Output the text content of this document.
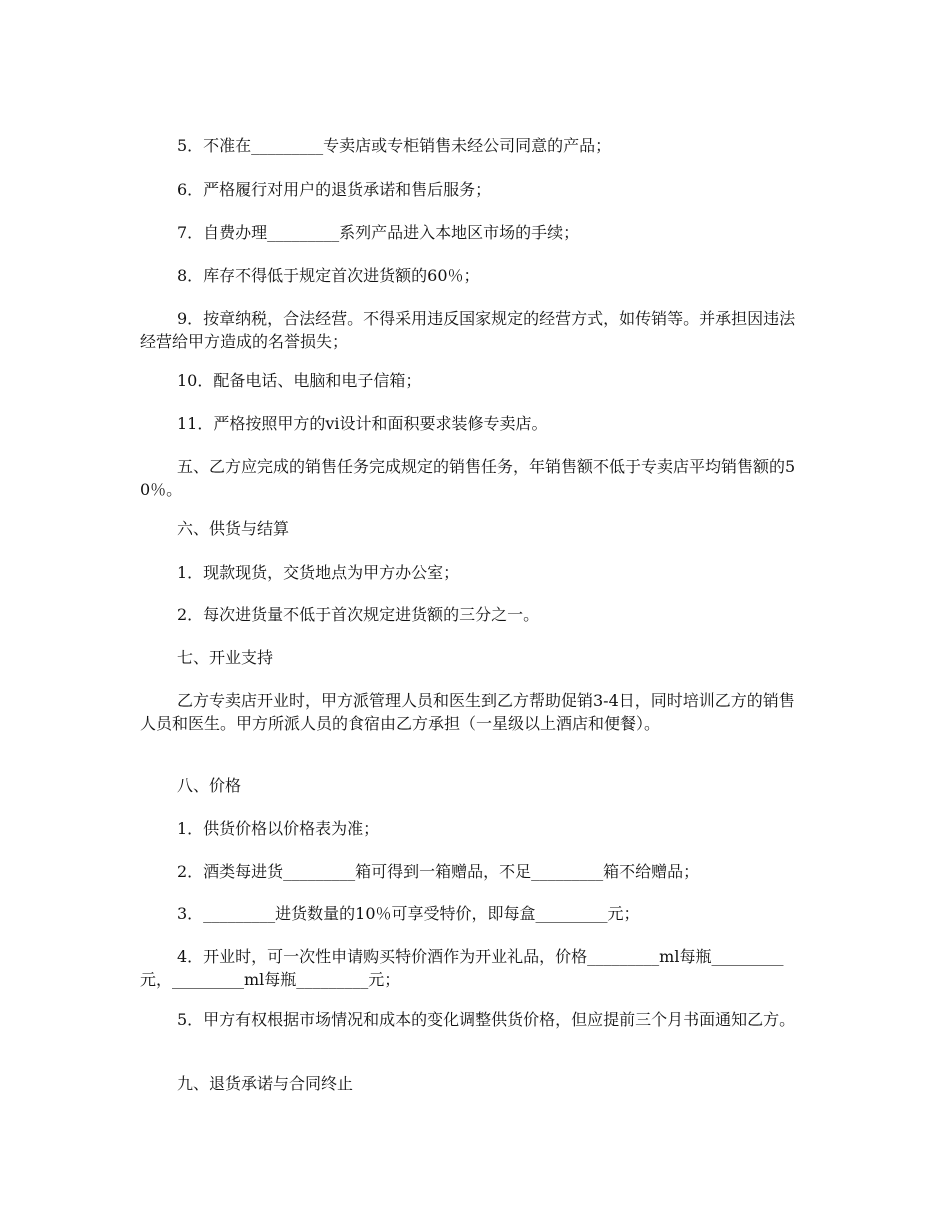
5．不准在_________专卖店或专柜销售未经公司同意的产品；

6．严格履行对用户的退货承诺和售后服务；

7．自费办理_________系列产品进入本地区市场的手续；

8．库存不得低于规定首次进货额的60％；

9．按章纳税，合法经营。不得采用违反国家规定的经营方式，如传销等。并承担因违法经营给甲方造成的名誉损失；

10．配备电话、电脑和电子信箱；

11．严格按照甲方的vi设计和面积要求装修专卖店。

五、乙方应完成的销售任务完成规定的销售任务，年销售额不低于专卖店平均销售额的50％。

六、供货与结算

1．现款现货，交货地点为甲方办公室；

2．每次进货量不低于首次规定进货额的三分之一。

七、开业支持

乙方专卖店开业时，甲方派管理人员和医生到乙方帮助促销3-4日，同时培训乙方的销售人员和医生。甲方所派人员的食宿由乙方承担（一星级以上酒店和便餐）。

八、价格

1．供货价格以价格表为准；

2．酒类每进货_________箱可得到一箱赠品，不足_________箱不给赠品；

3．_________进货数量的10％可享受特价，即每盒_________元；

4．开业时，可一次性申请购买特价酒作为开业礼品，价格_________ml每瓶_________元，_________ml每瓶_________元；

5．甲方有权根据市场情况和成本的变化调整供货价格，但应提前三个月书面通知乙方。

九、退货承诺与合同终止
